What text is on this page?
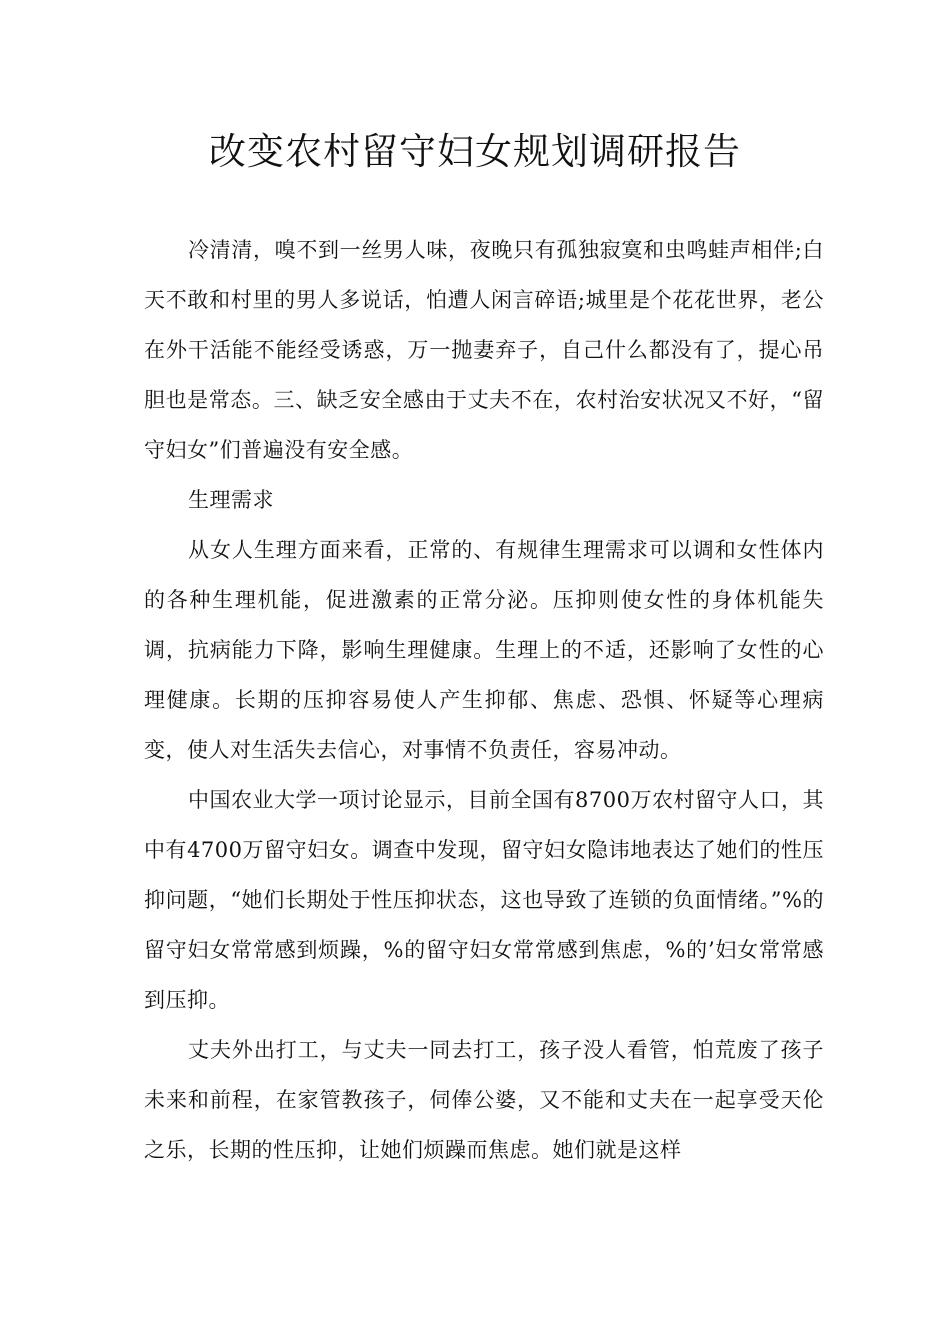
改变农村留守妇女规划调研报告

冷清清，嗅不到一丝男人味，夜晚只有孤独寂寞和虫鸣蛙声相伴;白天不敢和村里的男人多说话，怕遭人闲言碎语;城里是个花花世界，老公在外干活能不能经受诱惑，万一抛妻弃子，自己什么都没有了，提心吊胆也是常态。三、缺乏安全感由于丈夫不在，农村治安状况又不好，“留守妇女”们普遍没有安全感。

生理需求

从女人生理方面来看，正常的、有规律生理需求可以调和女性体内的各种生理机能，促进激素的正常分泌。压抑则使女性的身体机能失调，抗病能力下降，影响生理健康。生理上的不适，还影响了女性的心理健康。长期的压抑容易使人产生抑郁、焦虑、恐惧、怀疑等心理病变，使人对生活失去信心，对事情不负责任，容易冲动。

中国农业大学一项讨论显示，目前全国有8700万农村留守人口，其中有4700万留守妇女。调查中发现，留守妇女隐讳地表达了她们的性压抑问题，“她们长期处于性压抑状态，这也导致了连锁的负面情绪。”%的留守妇女常常感到烦躁，%的留守妇女常常感到焦虑，%的’妇女常常感到压抑。

丈夫外出打工，与丈夫一同去打工，孩子没人看管，怕荒废了孩子未来和前程，在家管教孩子，伺俸公婆，又不能和丈夫在一起享受天伦之乐，长期的性压抑，让她们烦躁而焦虑。她们就是这样
